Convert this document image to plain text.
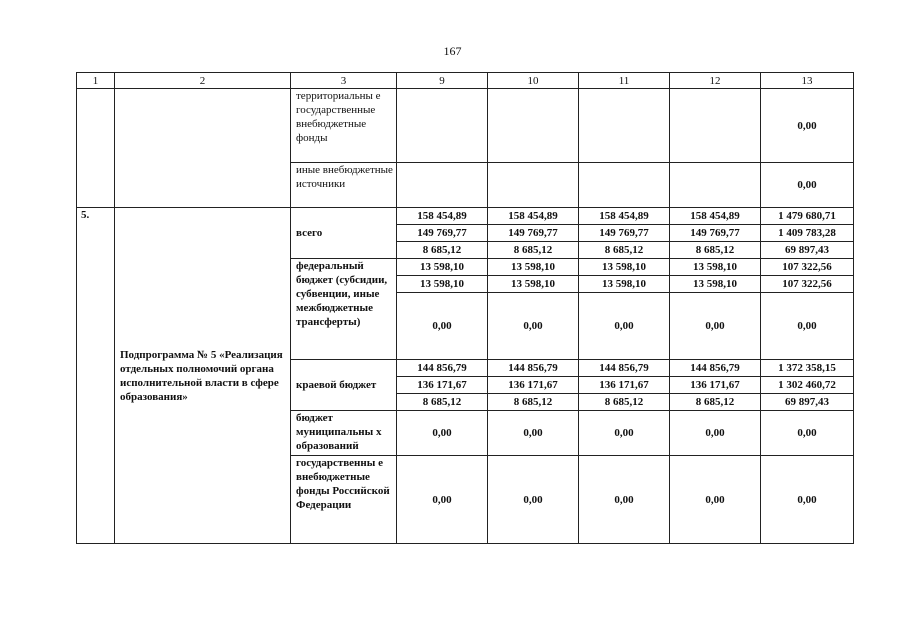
167
1	2	3	9	10	11	12	13
		территориальны е государственные внебюджетные фонды					0,00
		иные внебюджетные источники					0,00
5.	Подпрограмма № 5 «Реализация отдельных полномочий органа исполнительной власти в сфере образования»	всего	158 454,89	158 454,89	158 454,89	158 454,89	1 479 680,71
			149 769,77	149 769,77	149 769,77	149 769,77	1 409 783,28
			8 685,12	8 685,12	8 685,12	8 685,12	69 897,43
		федеральный бюджет (субсидии, субвенции, иные межбюджетные трансферты)	13 598,10	13 598,10	13 598,10	13 598,10	107 322,56
			13 598,10	13 598,10	13 598,10	13 598,10	107 322,56
			0,00	0,00	0,00	0,00	0,00
		краевой бюджет	144 856,79	144 856,79	144 856,79	144 856,79	1 372 358,15
			136 171,67	136 171,67	136 171,67	136 171,67	1 302 460,72
			8 685,12	8 685,12	8 685,12	8 685,12	69 897,43
		бюджет муниципальны х образований	0,00	0,00	0,00	0,00	0,00
		государственны е внебюджетные фонды Российской Федерации	0,00	0,00	0,00	0,00	0,00
